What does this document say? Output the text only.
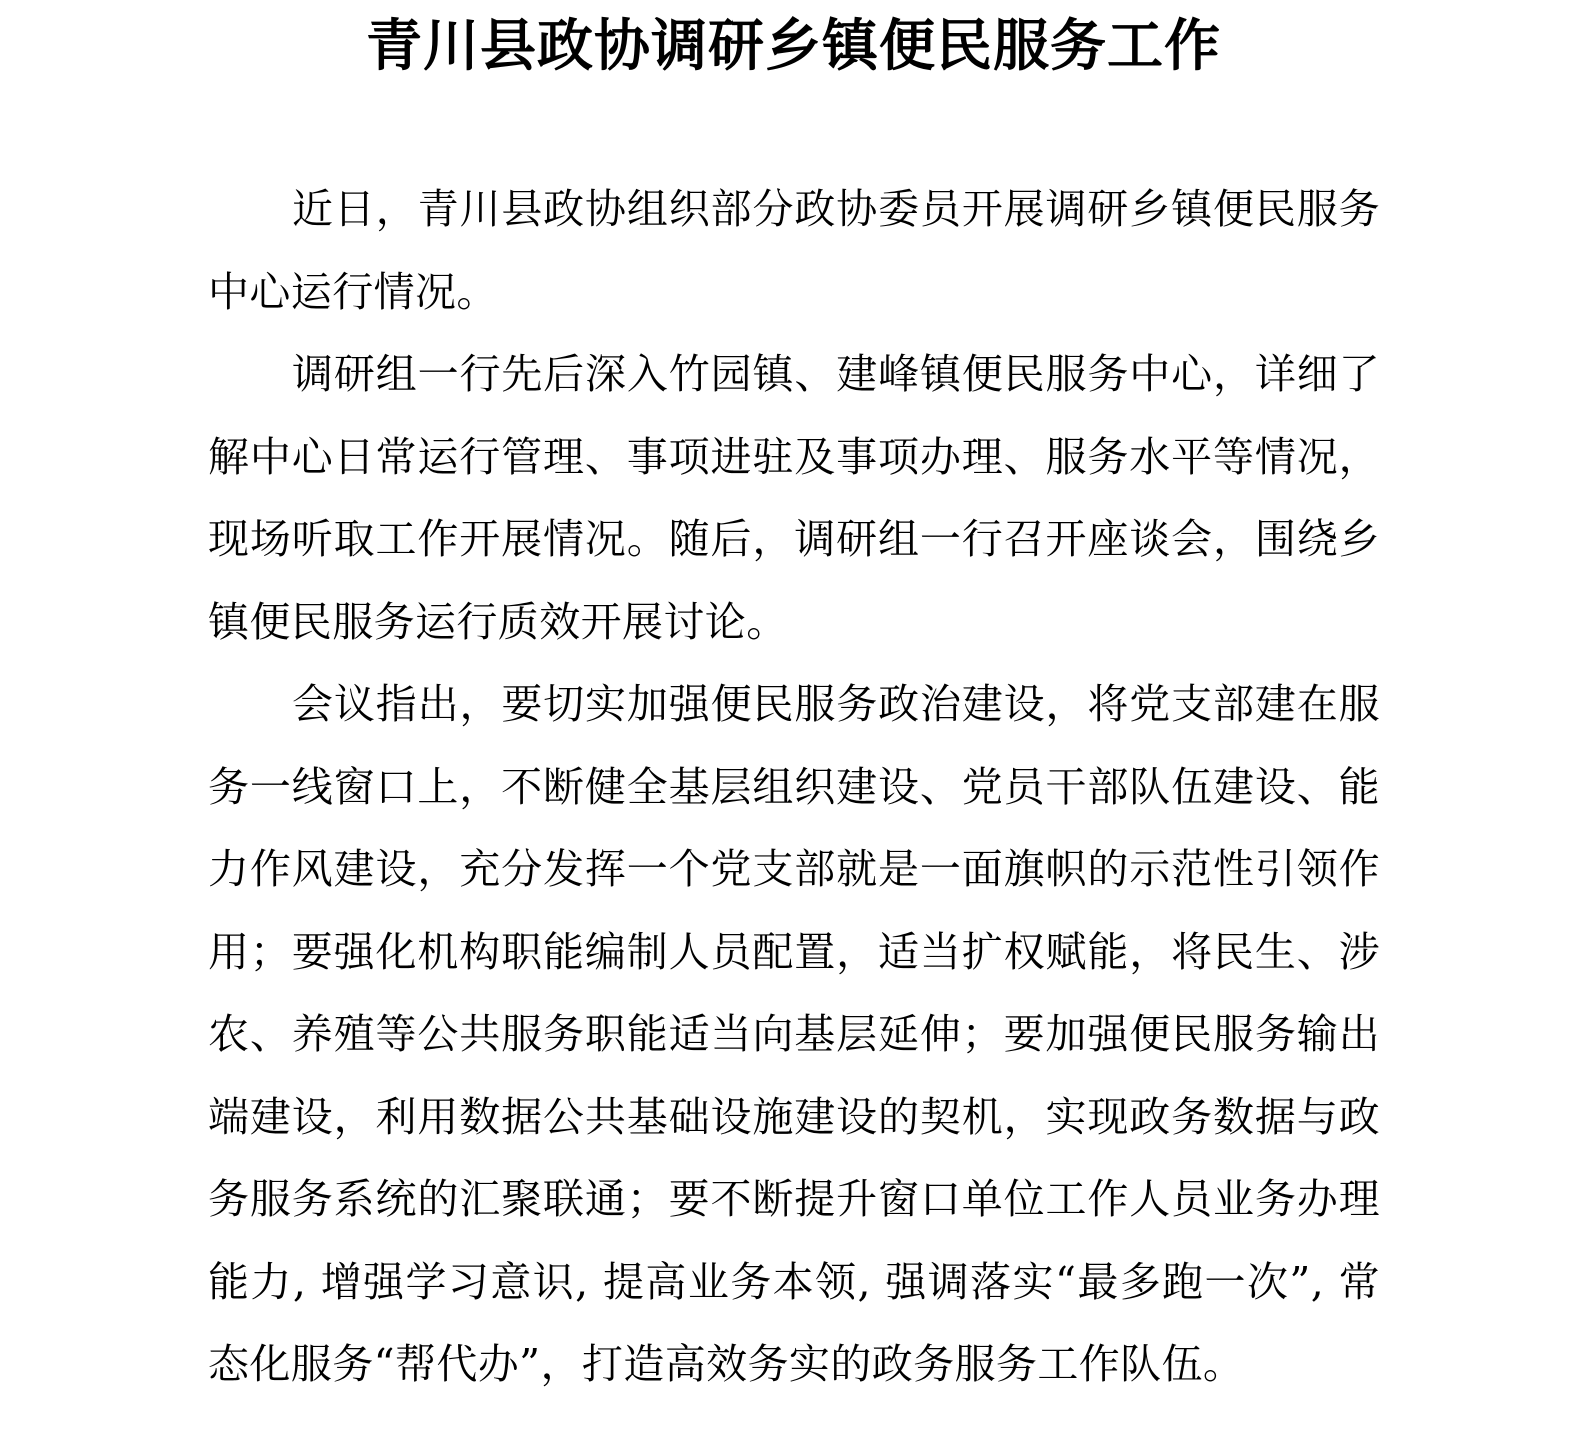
青川县政协调研乡镇便民服务工作

近日，青川县政协组织部分政协委员开展调研乡镇便民服务中心运行情况。

调研组一行先后深入竹园镇、建峰镇便民服务中心，详细了解中心日常运行管理、事项进驻及事项办理、服务水平等情况，现场听取工作开展情况。随后，调研组一行召开座谈会，围绕乡镇便民服务运行质效开展讨论。

会议指出，要切实加强便民服务政治建设，将党支部建在服务一线窗口上，不断健全基层组织建设、党员干部队伍建设、能力作风建设，充分发挥一个党支部就是一面旗帜的示范性引领作用；要强化机构职能编制人员配置，适当扩权赋能，将民生、涉农、养殖等公共服务职能适当向基层延伸；要加强便民服务输出端建设，利用数据公共基础设施建设的契机，实现政务数据与政务服务系统的汇聚联通；要不断提升窗口单位工作人员业务办理能力, 增强学习意识, 提高业务本领, 强调落实“最多跑一次”, 常态化服务“帮代办”，打造高效务实的政务服务工作队伍。
